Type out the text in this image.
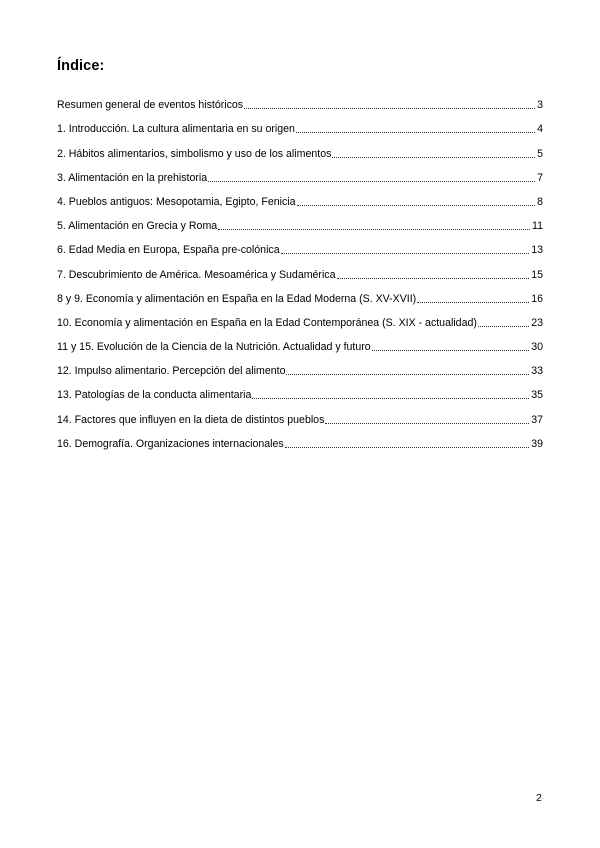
Índice:
Resumen general de eventos históricos	3
1. Introducción. La cultura alimentaria en su origen	4
2. Hábitos alimentarios, simbolismo y uso de los alimentos	5
3. Alimentación en la prehistoria	7
4. Pueblos antiguos: Mesopotamia, Egipto, Fenicia	8
5. Alimentación en Grecia y Roma	11
6. Edad Media en Europa, España pre-colónica	13
7. Descubrimiento de América. Mesoamérica y Sudamérica	15
8 y 9. Economía y alimentación en España en la Edad Moderna (S. XV-XVII)	16
10. Economía y alimentación en España en la Edad Contemporánea (S. XIX - actualidad)	23
11 y 15. Evolución de la Ciencia de la Nutrición. Actualidad y futuro	30
12. Impulso alimentario. Percepción del alimento	33
13. Patologías de la conducta alimentaria	35
14. Factores que influyen en la dieta de distintos pueblos	37
16. Demografía. Organizaciones internacionales	39
2
